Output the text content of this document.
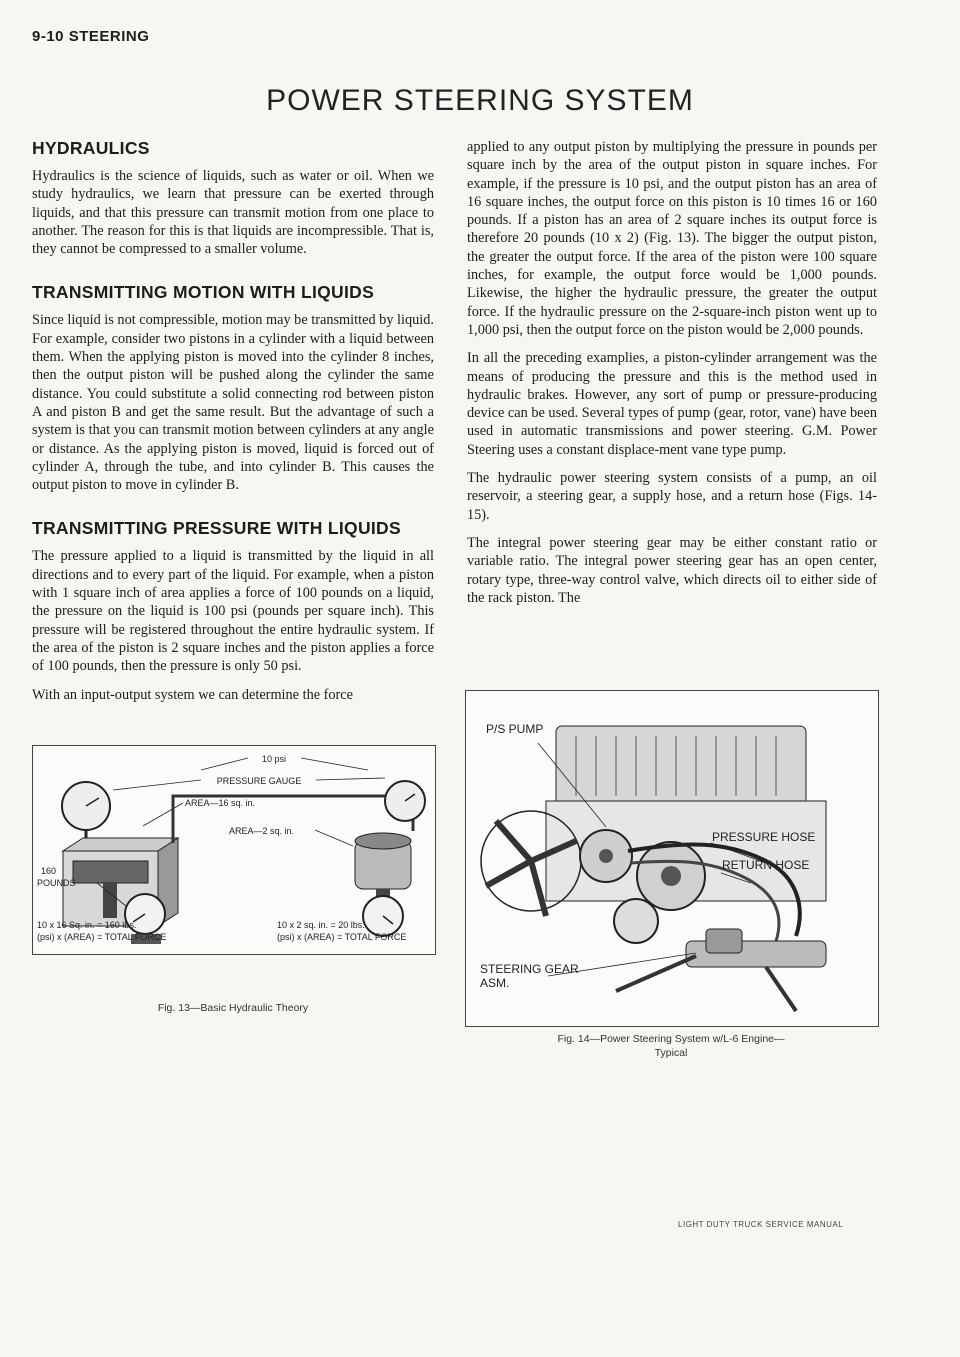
9-10 STEERING
POWER STEERING SYSTEM
HYDRAULICS

Hydraulics is the science of liquids, such as water or oil. When we study hydraulics, we learn that pressure can be exerted through liquids, and that this pressure can transmit motion from one place to another. The reason for this is that liquids are incompressible. That is, they cannot be compressed to a smaller volume.

TRANSMITTING MOTION WITH LIQUIDS

Since liquid is not compressible, motion may be transmitted by liquid. For example, consider two pistons in a cylinder with a liquid between them. When the applying piston is moved into the cylinder 8 inches, then the output piston will be pushed along the cylinder the same distance. You could substitute a solid connecting rod between piston A and piston B and get the same result. But the advantage of such a system is that you can transmit motion between cylinders at any angle or distance. As the applying piston is moved, liquid is forced out of cylinder A, through the tube, and into cylinder B. This causes the output piston to move in cylinder B.

TRANSMITTING PRESSURE WITH LIQUIDS

The pressure applied to a liquid is transmitted by the liquid in all directions and to every part of the liquid. For example, when a piston with 1 square inch of area applies a force of 100 pounds on a liquid, the pressure on the liquid is 100 psi (pounds per square inch). This pressure will be registered throughout the entire hydraulic system. If the area of the piston is 2 square inches and the piston applies a force of 100 pounds, then the pressure is only 50 psi.

With an input-output system we can determine the force

applied to any output piston by multiplying the pressure in pounds per square inch by the area of the output piston in square inches. For example, if the pressure is 10 psi, and the output piston has an area of 16 square inches, the output force on this piston is 10 times 16 or 160 pounds. If a piston has an area of 2 square inches its output force is therefore 20 pounds (10 x 2) (Fig. 13). The bigger the output piston, the greater the output force. If the area of the piston were 100 square inches, for example, the output force would be 1,000 pounds. Likewise, the higher the hydraulic pressure, the greater the output force. If the hydraulic pressure on the 2-square-inch piston went up to 1,000 psi, then the output force on the piston would be 2,000 pounds.

In all the preceding examplies, a piston-cylinder arrangement was the means of producing the pressure and this is the method used in hydraulic brakes. However, any sort of pump or pressure-producing device can be used. Several types of pump (gear, rotor, vane) have been used in automatic transmissions and power steering. G.M. Power Steering uses a constant displace-ment vane type pump.

The hydraulic power steering system consists of a pump, an oil reservoir, a steering gear, a supply hose, and a return hose (Figs. 14-15).

The integral power steering gear may be either constant ratio or variable ratio. The integral power steering gear has an open center, rotary type, three-way control valve, which directs oil to either side of the rack piston. The

10 psi
PRESSURE GAUGE
AREA—16 sq. in.
AREA—2 sq. in.
160
POUNDS
10 x 16 Sq. in. = 160 lbs.
(psi) x (AREA) = TOTAL FORCE
10 x 2 sq. in. = 20 lbs.
(psi) x (AREA) = TOTAL FORCE
Fig. 13—Basic Hydraulic Theory
P/S PUMP
PRESSURE HOSE
RETURN HOSE
STEERING GEAR
ASM.
Fig. 14—Power Steering System w/L-6 Engine—
Typical
LIGHT DUTY TRUCK SERVICE MANUAL
